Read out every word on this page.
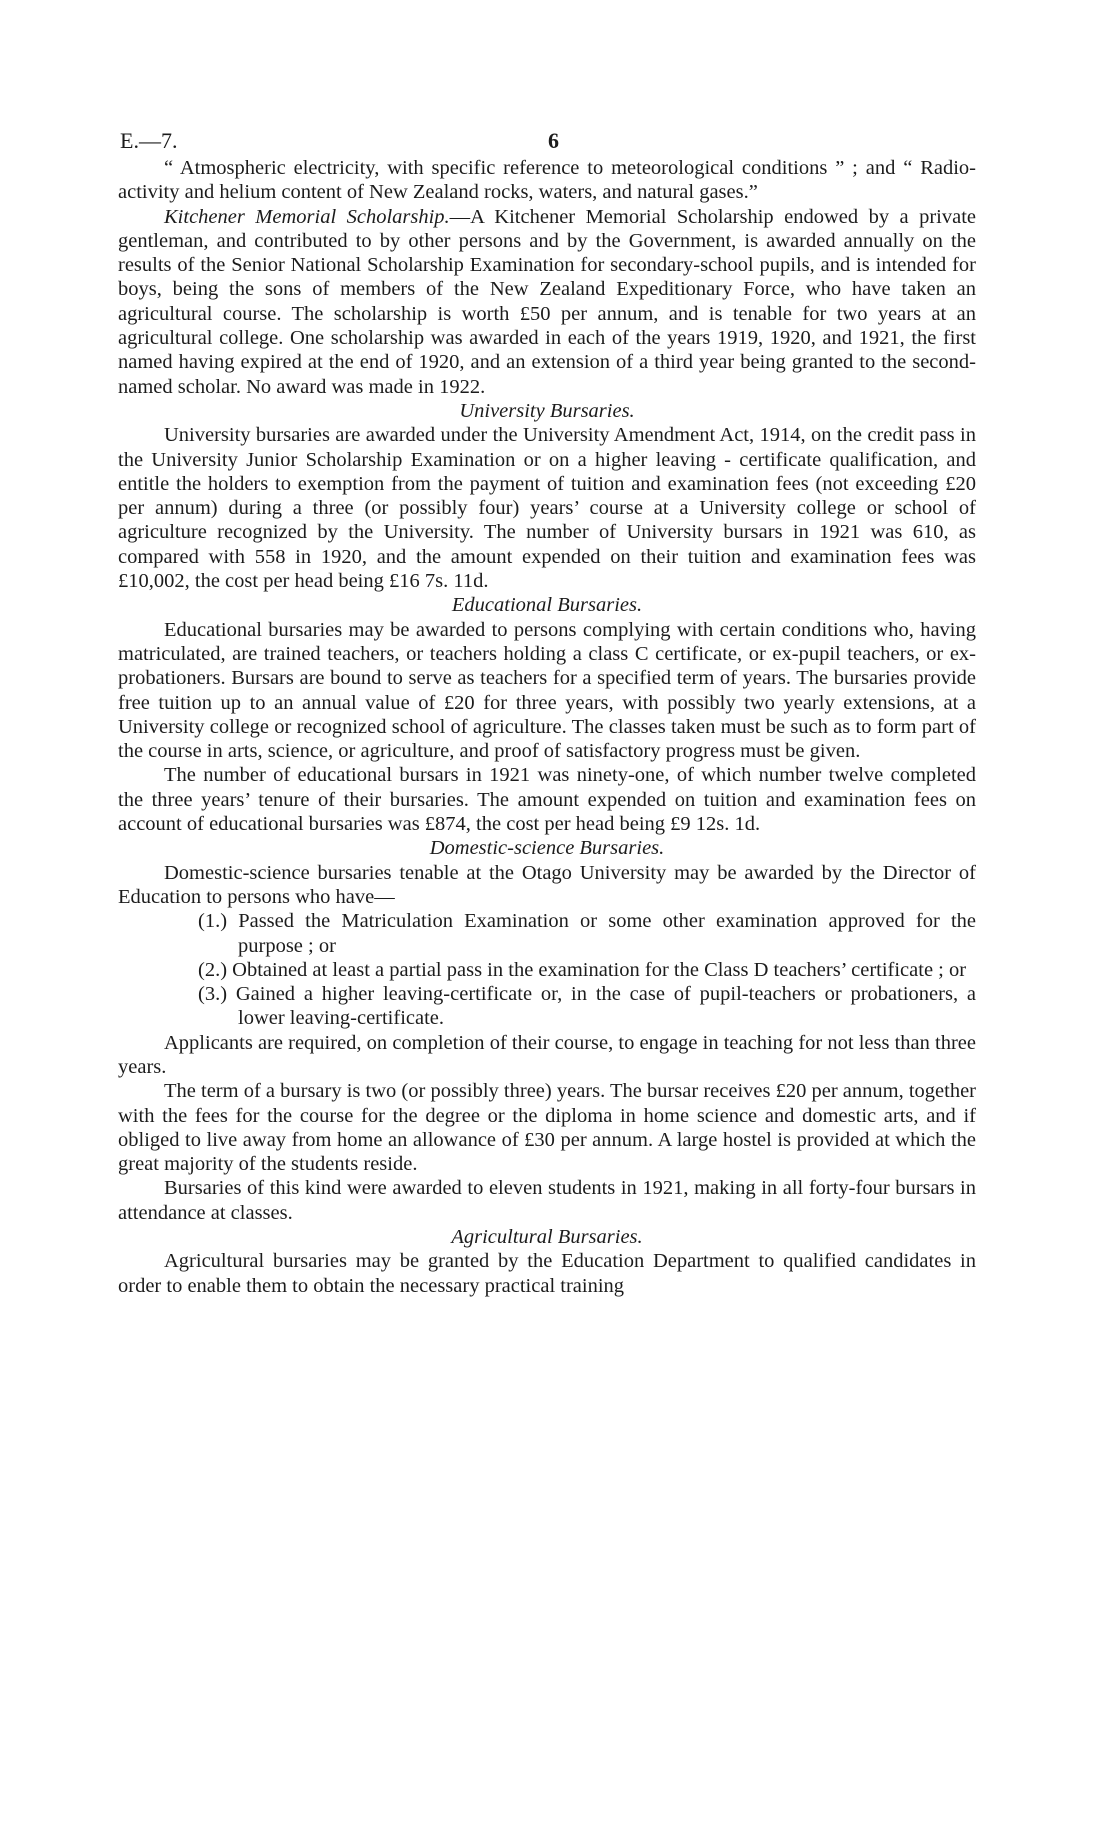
E.—7.	6

“ Atmospheric electricity, with specific reference to meteorological conditions ” ; and “ Radio-activity and helium content of New Zealand rocks, waters, and natural gases.”

Kitchener Memorial Scholarship.—A Kitchener Memorial Scholarship endowed by a private gentleman, and contributed to by other persons and by the Government, is awarded annually on the results of the Senior National Scholarship Examination for secondary-school pupils, and is intended for boys, being the sons of members of the New Zealand Expeditionary Force, who have taken an agricultural course. The scholarship is worth £50 per annum, and is tenable for two years at an agricultural college. One scholarship was awarded in each of the years 1919, 1920, and 1921, the first named having expired at the end of 1920, and an extension of a third year being granted to the second-named scholar. No award was made in 1922.

University Bursaries.

University bursaries are awarded under the University Amendment Act, 1914, on the credit pass in the University Junior Scholarship Examination or on a higher leaving - certificate qualification, and entitle the holders to exemption from the payment of tuition and examination fees (not exceeding £20 per annum) during a three (or possibly four) years’ course at a University college or school of agriculture recognized by the University. The number of University bursars in 1921 was 610, as compared with 558 in 1920, and the amount expended on their tuition and examination fees was £10,002, the cost per head being £16 7s. 11d.

Educational Bursaries.

Educational bursaries may be awarded to persons complying with certain conditions who, having matriculated, are trained teachers, or teachers holding a class C certificate, or ex-pupil teachers, or ex-probationers. Bursars are bound to serve as teachers for a specified term of years. The bursaries provide free tuition up to an annual value of £20 for three years, with possibly two yearly extensions, at a University college or recognized school of agriculture. The classes taken must be such as to form part of the course in arts, science, or agriculture, and proof of satisfactory progress must be given.

The number of educational bursars in 1921 was ninety-one, of which number twelve completed the three years’ tenure of their bursaries. The amount expended on tuition and examination fees on account of educational bursaries was £874, the cost per head being £9 12s. 1d.

Domestic-science Bursaries.

Domestic-science bursaries tenable at the Otago University may be awarded by the Director of Education to persons who have—

(1.) Passed the Matriculation Examination or some other examination approved for the purpose ; or

(2.) Obtained at least a partial pass in the examination for the Class D teachers’ certificate ; or

(3.) Gained a higher leaving-certificate or, in the case of pupil-teachers or probationers, a lower leaving-certificate.

Applicants are required, on completion of their course, to engage in teaching for not less than three years.

The term of a bursary is two (or possibly three) years. The bursar receives £20 per annum, together with the fees for the course for the degree or the diploma in home science and domestic arts, and if obliged to live away from home an allowance of £30 per annum. A large hostel is provided at which the great majority of the students reside.

Bursaries of this kind were awarded to eleven students in 1921, making in all forty-four bursars in attendance at classes.

Agricultural Bursaries.

Agricultural bursaries may be granted by the Education Department to qualified candidates in order to enable them to obtain the necessary practical training
